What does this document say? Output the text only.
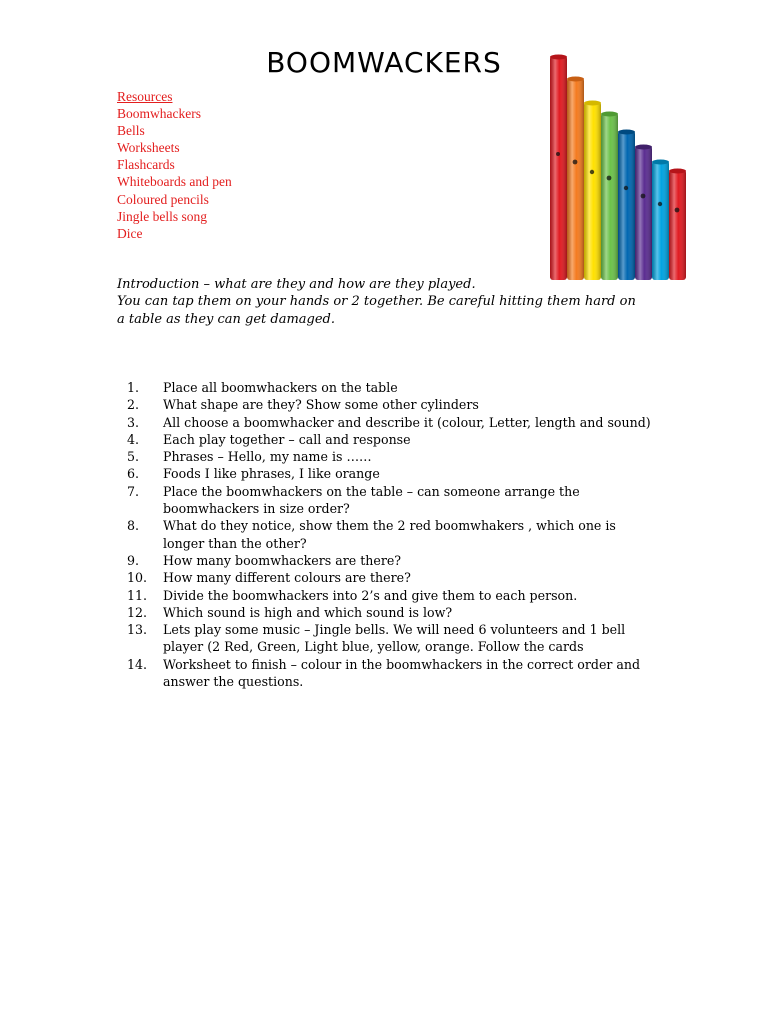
BOOMWACKERS
Resources
Boomwhackers
Bells
Worksheets
Flashcards
Whiteboards and pen
Coloured pencils
Jingle bells song
Dice

Introduction – what are they and how are they played.

You can tap them on your hands or 2 together. Be careful hitting them hard on a table as they can get damaged.

1.	Place all boomwhackers on the table
2.	What shape are they? Show some other cylinders
3.	All choose a boomwhacker and describe it (colour, Letter, length and sound)
4.	Each play together – call and response
5.	Phrases – Hello, my name is ……
6.	Foods I like phrases, I like orange
7.	Place the boomwhackers on the table – can someone arrange the boomwhackers in size order?
8.	What do they notice, show them the 2 red boomwhakers , which one is longer than the other?
9.	How many boomwhackers are there?
10.	How many different colours are there?
11.	Divide the boomwhackers into 2’s and give them to each person.
12.	Which sound is high and which sound is low?
13.	Lets play some music – Jingle bells. We will need 6 volunteers and 1 bell player (2 Red, Green, Light blue, yellow, orange. Follow the cards
14.	Worksheet to finish – colour in the boomwhackers in the correct order and answer the questions.
